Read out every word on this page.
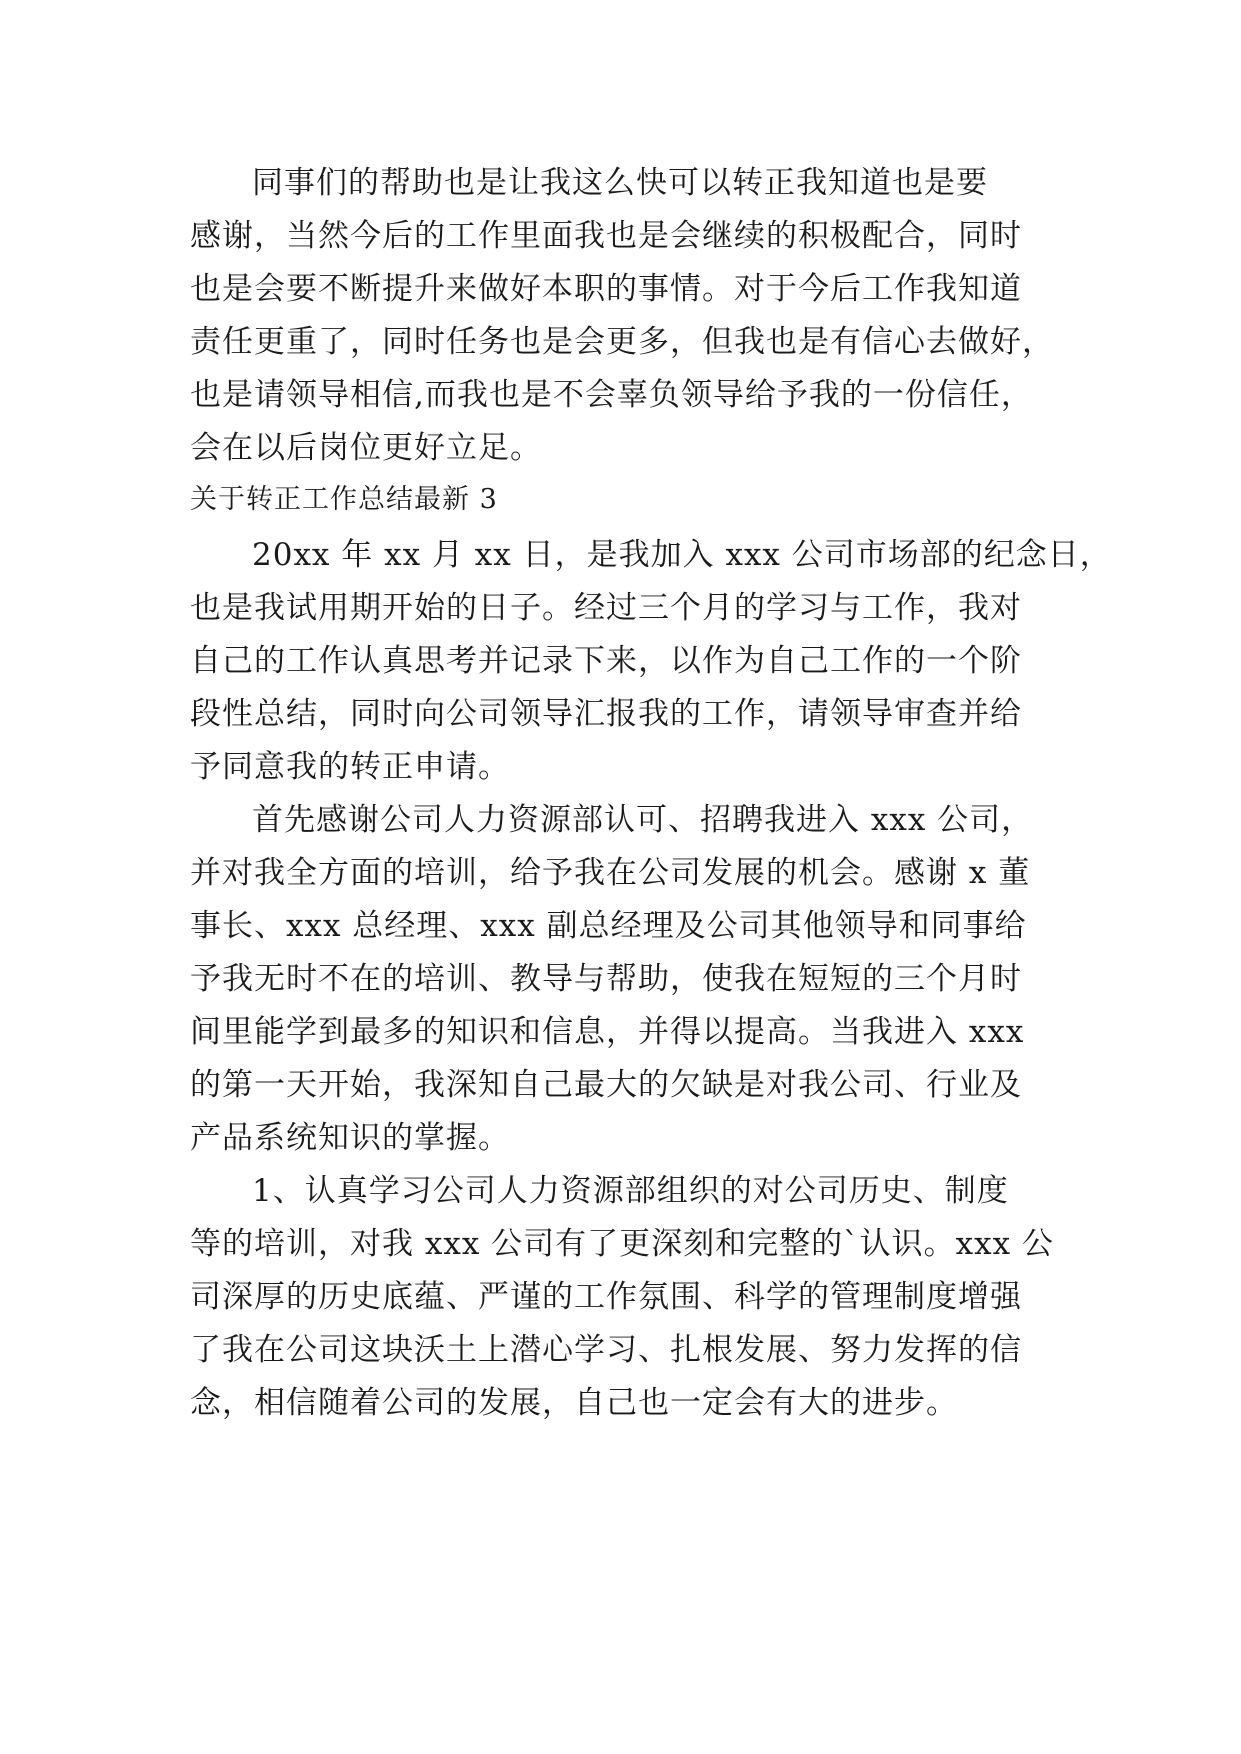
同事们的帮助也是让我这么快可以转正我知道也是要
感谢，当然今后的工作里面我也是会继续的积极配合，同时
也是会要不断提升来做好本职的事情。对于今后工作我知道
责任更重了，同时任务也是会更多，但我也是有信心去做好，
也是请领导相信,而我也是不会辜负领导给予我的一份信任，
会在以后岗位更好立足。
关于转正工作总结最新 3
20xx 年 xx 月 xx 日，是我加入 xxx 公司市场部的纪念日，
也是我试用期开始的日子。经过三个月的学习与工作，我对
自己的工作认真思考并记录下来，以作为自己工作的一个阶
段性总结，同时向公司领导汇报我的工作，请领导审查并给
予同意我的转正申请。
首先感谢公司人力资源部认可、招聘我进入 xxx 公司，
并对我全方面的培训，给予我在公司发展的机会。感谢 x 董
事长、xxx 总经理、xxx 副总经理及公司其他领导和同事给
予我无时不在的培训、教导与帮助，使我在短短的三个月时
间里能学到最多的知识和信息，并得以提高。当我进入 xxx
的第一天开始，我深知自己最大的欠缺是对我公司、行业及
产品系统知识的掌握。
1、认真学习公司人力资源部组织的对公司历史、制度
等的培训，对我 xxx 公司有了更深刻和完整的`认识。xxx 公
司深厚的历史底蕴、严谨的工作氛围、科学的管理制度增强
了我在公司这块沃土上潜心学习、扎根发展、努力发挥的信
念，相信随着公司的发展，自己也一定会有大的进步。
